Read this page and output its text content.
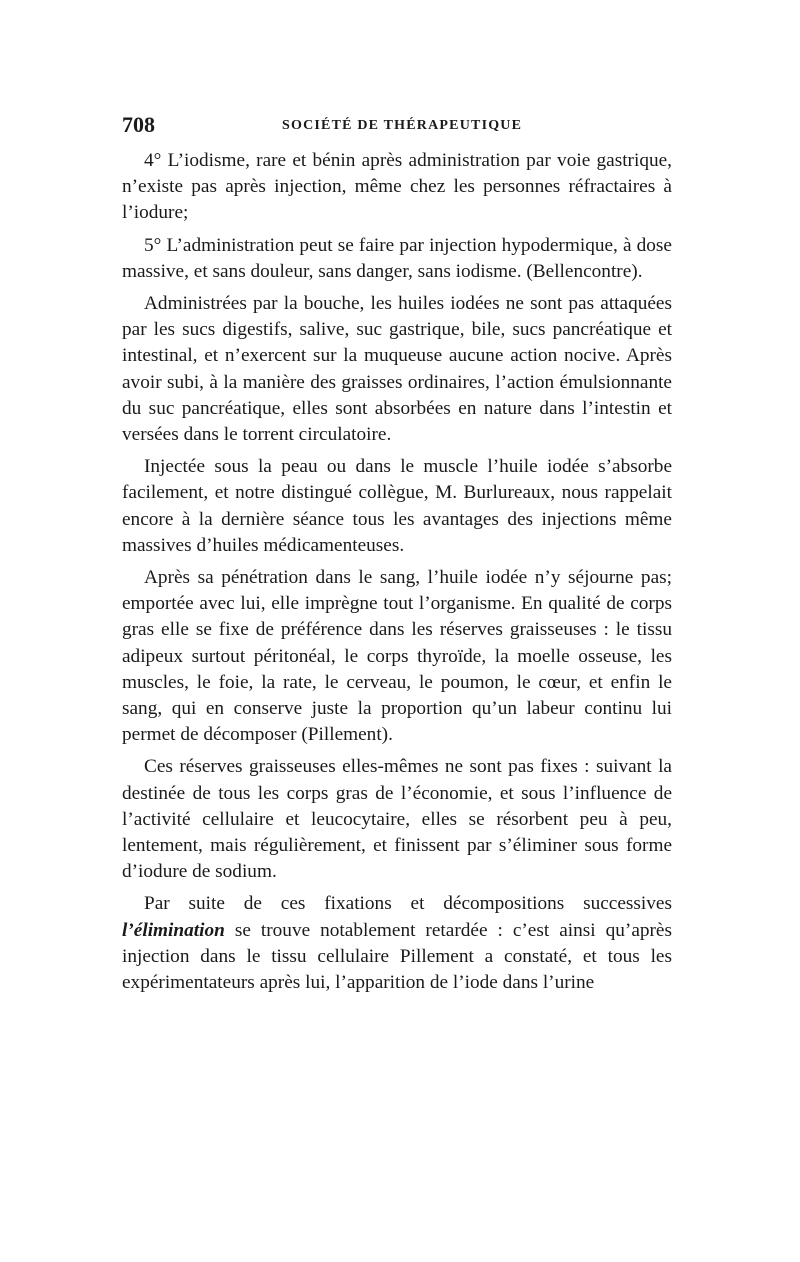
708	SOCIÉTÉ DE THÉRAPEUTIQUE

4° L’iodisme, rare et bénin après administration par voie gastrique, n’existe pas après injection, même chez les personnes réfractaires à l’iodure;

5° L’administration peut se faire par injection hypodermique, à dose massive, et sans douleur, sans danger, sans iodisme. (Bellencontre).

Administrées par la bouche, les huiles iodées ne sont pas attaquées par les sucs digestifs, salive, suc gastrique, bile, sucs pancréatique et intestinal, et n’exercent sur la muqueuse aucune action nocive. Après avoir subi, à la manière des graisses ordinaires, l’action émulsionnante du suc pancréatique, elles sont absorbées en nature dans l’intestin et versées dans le torrent circulatoire.

Injectée sous la peau ou dans le muscle l’huile iodée s’absorbe facilement, et notre distingué collègue, M. Burlureaux, nous rappelait encore à la dernière séance tous les avantages des injections même massives d’huiles médicamenteuses.

Après sa pénétration dans le sang, l’huile iodée n’y séjourne pas; emportée avec lui, elle imprègne tout l’organisme. En qualité de corps gras elle se fixe de préférence dans les réserves graisseuses : le tissu adipeux surtout péritonéal, le corps thyroïde, la moelle osseuse, les muscles, le foie, la rate, le cerveau, le poumon, le cœur, et enfin le sang, qui en conserve juste la proportion qu’un labeur continu lui permet de décomposer (Pillement).

Ces réserves graisseuses elles-mêmes ne sont pas fixes : suivant la destinée de tous les corps gras de l’économie, et sous l’influence de l’activité cellulaire et leucocytaire, elles se résorbent peu à peu, lentement, mais régulièrement, et finissent par s’éliminer sous forme d’iodure de sodium.

Par suite de ces fixations et décompositions successives l’élimination se trouve notablement retardée : c’est ainsi qu’après injection dans le tissu cellulaire Pillement a constaté, et tous les expérimentateurs après lui, l’apparition de l’iode dans l’urine
